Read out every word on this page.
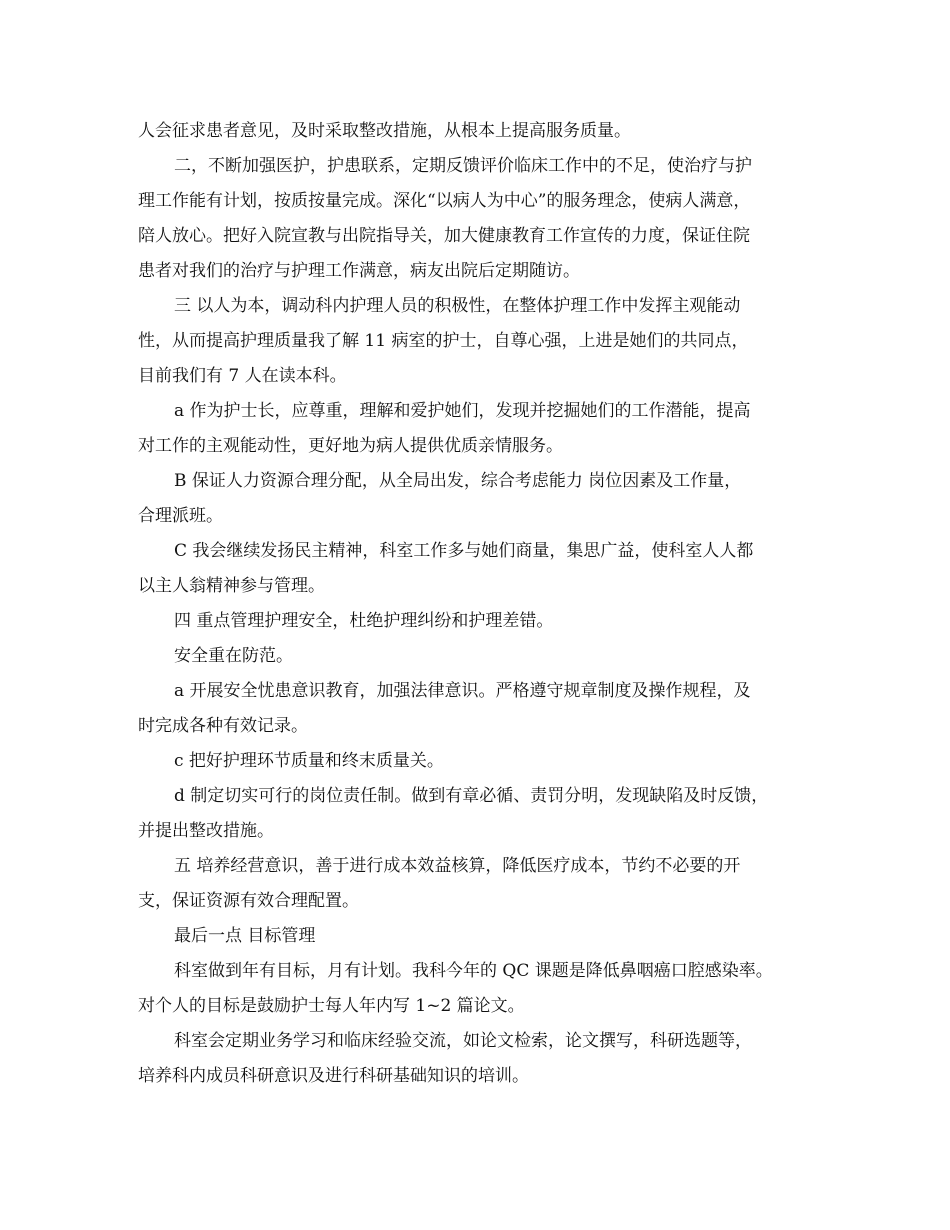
人会征求患者意见，及时采取整改措施，从根本上提高服务质量。
二，不断加强医护，护患联系，定期反馈评价临床工作中的不足，使治疗与护
理工作能有计划，按质按量完成。深化“以病人为中心”的服务理念，使病人满意，
陪人放心。把好入院宣教与出院指导关，加大健康教育工作宣传的力度，保证住院
患者对我们的治疗与护理工作满意，病友出院后定期随访。
三 以人为本，调动科内护理人员的积极性，在整体护理工作中发挥主观能动
性，从而提高护理质量我了解 11 病室的护士，自尊心强，上进是她们的共同点，
目前我们有 7 人在读本科。
a 作为护士长，应尊重，理解和爱护她们，发现并挖掘她们的工作潜能，提高
对工作的主观能动性，更好地为病人提供优质亲情服务。
B 保证人力资源合理分配，从全局出发，综合考虑能力 岗位因素及工作量，
合理派班。
C 我会继续发扬民主精神，科室工作多与她们商量，集思广益，使科室人人都
以主人翁精神参与管理。
四 重点管理护理安全，杜绝护理纠纷和护理差错。
安全重在防范。
a 开展安全忧患意识教育，加强法律意识。严格遵守规章制度及操作规程，及
时完成各种有效记录。
c 把好护理环节质量和终末质量关。
d 制定切实可行的岗位责任制。做到有章必循、责罚分明，发现缺陷及时反馈，
并提出整改措施。
五 培养经营意识，善于进行成本效益核算，降低医疗成本，节约不必要的开
支，保证资源有效合理配置。
最后一点 目标管理
科室做到年有目标，月有计划。我科今年的 QC 课题是降低鼻咽癌口腔感染率。
对个人的目标是鼓励护士每人年内写 1~2 篇论文。
科室会定期业务学习和临床经验交流，如论文检索，论文撰写，科研选题等，
培养科内成员科研意识及进行科研基础知识的培训。
